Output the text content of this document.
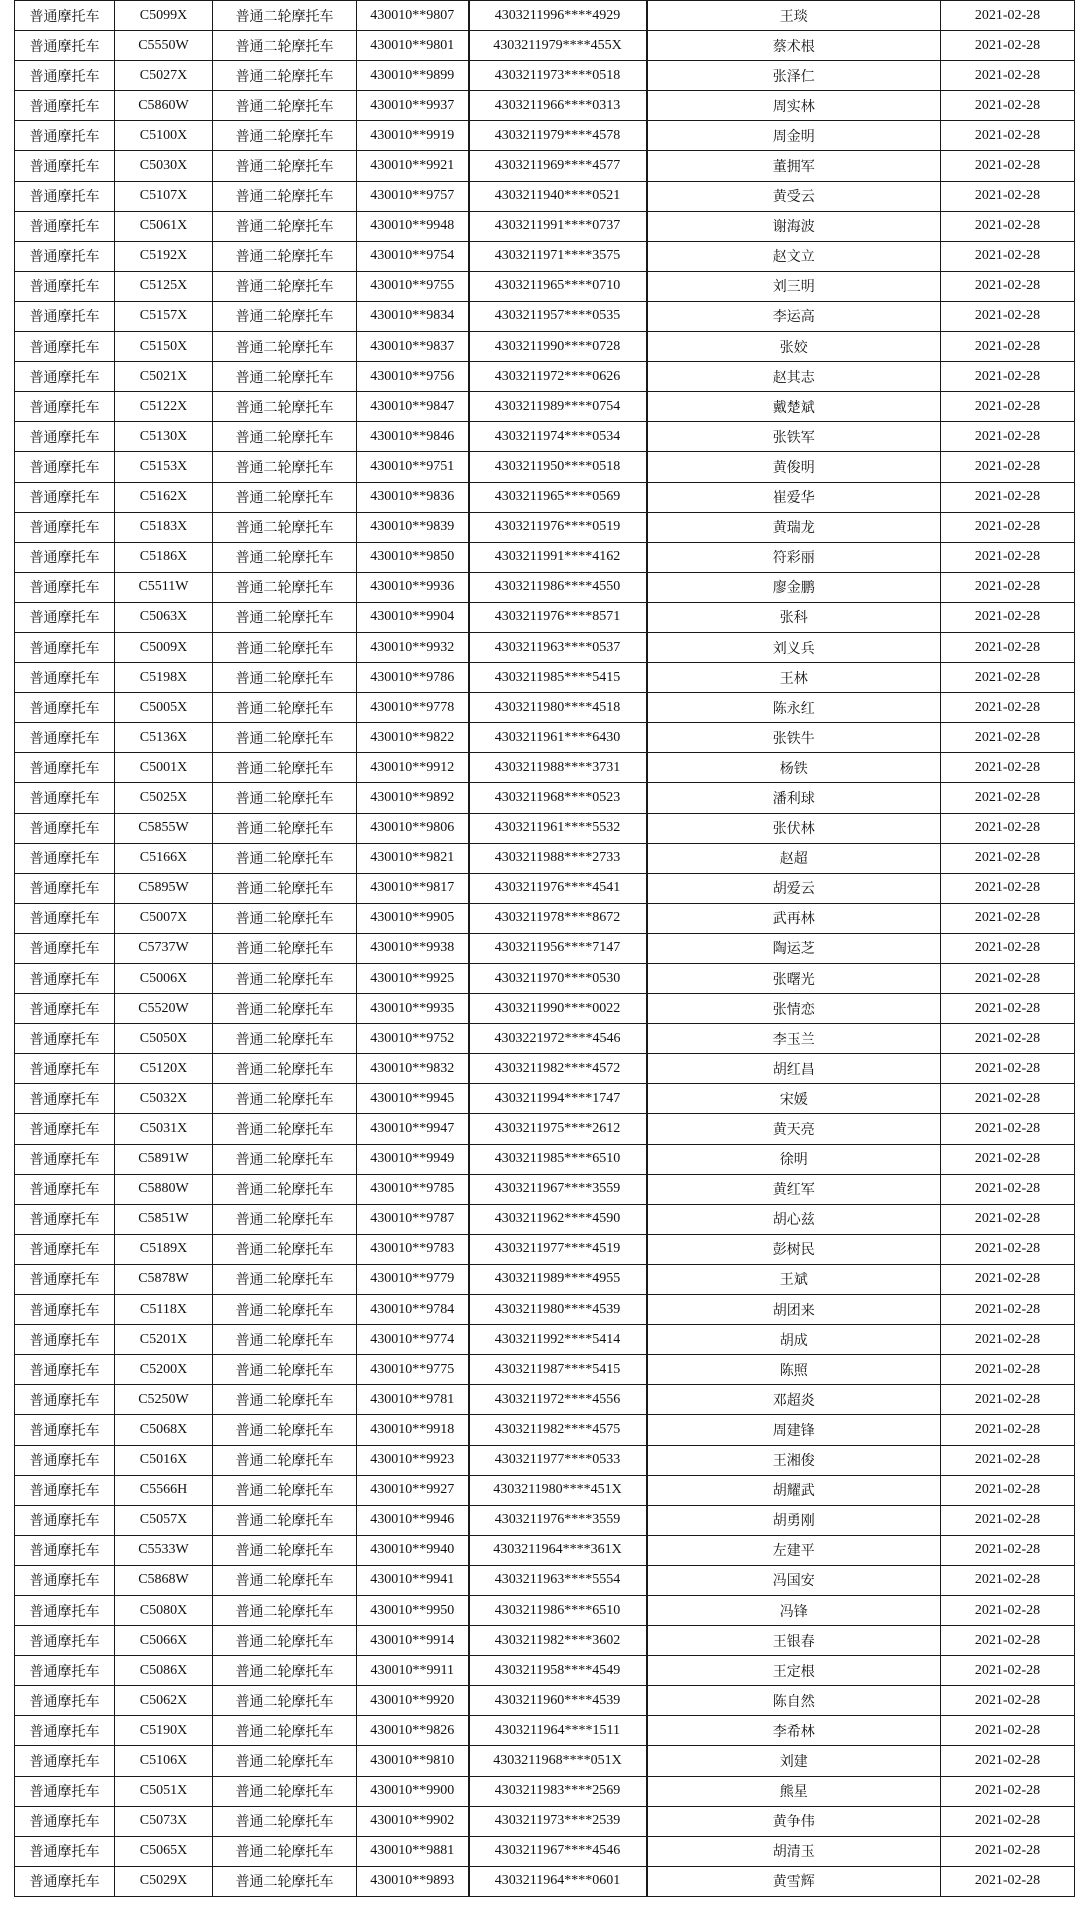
普通摩托车	C5099X	普通二轮摩托车	430010**9807	4303211996****4929	王琰	2021-02-28
普通摩托车	C5550W	普通二轮摩托车	430010**9801	4303211979****455X	蔡术根	2021-02-28
普通摩托车	C5027X	普通二轮摩托车	430010**9899	4303211973****0518	张泽仁	2021-02-28
普通摩托车	C5860W	普通二轮摩托车	430010**9937	4303211966****0313	周实林	2021-02-28
普通摩托车	C5100X	普通二轮摩托车	430010**9919	4303211979****4578	周金明	2021-02-28
普通摩托车	C5030X	普通二轮摩托车	430010**9921	4303211969****4577	董拥军	2021-02-28
普通摩托车	C5107X	普通二轮摩托车	430010**9757	4303211940****0521	黄受云	2021-02-28
普通摩托车	C5061X	普通二轮摩托车	430010**9948	4303211991****0737	谢海波	2021-02-28
普通摩托车	C5192X	普通二轮摩托车	430010**9754	4303211971****3575	赵文立	2021-02-28
普通摩托车	C5125X	普通二轮摩托车	430010**9755	4303211965****0710	刘三明	2021-02-28
普通摩托车	C5157X	普通二轮摩托车	430010**9834	4303211957****0535	李运高	2021-02-28
普通摩托车	C5150X	普通二轮摩托车	430010**9837	4303211990****0728	张姣	2021-02-28
普通摩托车	C5021X	普通二轮摩托车	430010**9756	4303211972****0626	赵其志	2021-02-28
普通摩托车	C5122X	普通二轮摩托车	430010**9847	4303211989****0754	戴楚斌	2021-02-28
普通摩托车	C5130X	普通二轮摩托车	430010**9846	4303211974****0534	张铁军	2021-02-28
普通摩托车	C5153X	普通二轮摩托车	430010**9751	4303211950****0518	黄俊明	2021-02-28
普通摩托车	C5162X	普通二轮摩托车	430010**9836	4303211965****0569	崔爱华	2021-02-28
普通摩托车	C5183X	普通二轮摩托车	430010**9839	4303211976****0519	黄瑞龙	2021-02-28
普通摩托车	C5186X	普通二轮摩托车	430010**9850	4303211991****4162	符彩丽	2021-02-28
普通摩托车	C5511W	普通二轮摩托车	430010**9936	4303211986****4550	廖金鹏	2021-02-28
普通摩托车	C5063X	普通二轮摩托车	430010**9904	4303211976****8571	张科	2021-02-28
普通摩托车	C5009X	普通二轮摩托车	430010**9932	4303211963****0537	刘义兵	2021-02-28
普通摩托车	C5198X	普通二轮摩托车	430010**9786	4303211985****5415	王林	2021-02-28
普通摩托车	C5005X	普通二轮摩托车	430010**9778	4303211980****4518	陈永红	2021-02-28
普通摩托车	C5136X	普通二轮摩托车	430010**9822	4303211961****6430	张铁牛	2021-02-28
普通摩托车	C5001X	普通二轮摩托车	430010**9912	4303211988****3731	杨铁	2021-02-28
普通摩托车	C5025X	普通二轮摩托车	430010**9892	4303211968****0523	潘利球	2021-02-28
普通摩托车	C5855W	普通二轮摩托车	430010**9806	4303211961****5532	张伏林	2021-02-28
普通摩托车	C5166X	普通二轮摩托车	430010**9821	4303211988****2733	赵超	2021-02-28
普通摩托车	C5895W	普通二轮摩托车	430010**9817	4303211976****4541	胡爱云	2021-02-28
普通摩托车	C5007X	普通二轮摩托车	430010**9905	4303211978****8672	武再林	2021-02-28
普通摩托车	C5737W	普通二轮摩托车	430010**9938	4303211956****7147	陶运芝	2021-02-28
普通摩托车	C5006X	普通二轮摩托车	430010**9925	4303211970****0530	张曙光	2021-02-28
普通摩托车	C5520W	普通二轮摩托车	430010**9935	4303211990****0022	张情恋	2021-02-28
普通摩托车	C5050X	普通二轮摩托车	430010**9752	4303221972****4546	李玉兰	2021-02-28
普通摩托车	C5120X	普通二轮摩托车	430010**9832	4303211982****4572	胡红昌	2021-02-28
普通摩托车	C5032X	普通二轮摩托车	430010**9945	4303211994****1747	宋媛	2021-02-28
普通摩托车	C5031X	普通二轮摩托车	430010**9947	4303211975****2612	黄天亮	2021-02-28
普通摩托车	C5891W	普通二轮摩托车	430010**9949	4303211985****6510	徐明	2021-02-28
普通摩托车	C5880W	普通二轮摩托车	430010**9785	4303211967****3559	黄红军	2021-02-28
普通摩托车	C5851W	普通二轮摩托车	430010**9787	4303211962****4590	胡心兹	2021-02-28
普通摩托车	C5189X	普通二轮摩托车	430010**9783	4303211977****4519	彭树民	2021-02-28
普通摩托车	C5878W	普通二轮摩托车	430010**9779	4303211989****4955	王斌	2021-02-28
普通摩托车	C5118X	普通二轮摩托车	430010**9784	4303211980****4539	胡团来	2021-02-28
普通摩托车	C5201X	普通二轮摩托车	430010**9774	4303211992****5414	胡成	2021-02-28
普通摩托车	C5200X	普通二轮摩托车	430010**9775	4303211987****5415	陈照	2021-02-28
普通摩托车	C5250W	普通二轮摩托车	430010**9781	4303211972****4556	邓超炎	2021-02-28
普通摩托车	C5068X	普通二轮摩托车	430010**9918	4303211982****4575	周建锋	2021-02-28
普通摩托车	C5016X	普通二轮摩托车	430010**9923	4303211977****0533	王湘俊	2021-02-28
普通摩托车	C5566H	普通二轮摩托车	430010**9927	4303211980****451X	胡耀武	2021-02-28
普通摩托车	C5057X	普通二轮摩托车	430010**9946	4303211976****3559	胡勇刚	2021-02-28
普通摩托车	C5533W	普通二轮摩托车	430010**9940	4303211964****361X	左建平	2021-02-28
普通摩托车	C5868W	普通二轮摩托车	430010**9941	4303211963****5554	冯国安	2021-02-28
普通摩托车	C5080X	普通二轮摩托车	430010**9950	4303211986****6510	冯锋	2021-02-28
普通摩托车	C5066X	普通二轮摩托车	430010**9914	4303211982****3602	王银春	2021-02-28
普通摩托车	C5086X	普通二轮摩托车	430010**9911	4303211958****4549	王定根	2021-02-28
普通摩托车	C5062X	普通二轮摩托车	430010**9920	4303211960****4539	陈自然	2021-02-28
普通摩托车	C5190X	普通二轮摩托车	430010**9826	4303211964****1511	李希林	2021-02-28
普通摩托车	C5106X	普通二轮摩托车	430010**9810	4303211968****051X	刘建	2021-02-28
普通摩托车	C5051X	普通二轮摩托车	430010**9900	4303211983****2569	熊星	2021-02-28
普通摩托车	C5073X	普通二轮摩托车	430010**9902	4303211973****2539	黄争伟	2021-02-28
普通摩托车	C5065X	普通二轮摩托车	430010**9881	4303211967****4546	胡清玉	2021-02-28
普通摩托车	C5029X	普通二轮摩托车	430010**9893	4303211964****0601	黄雪辉	2021-02-28
